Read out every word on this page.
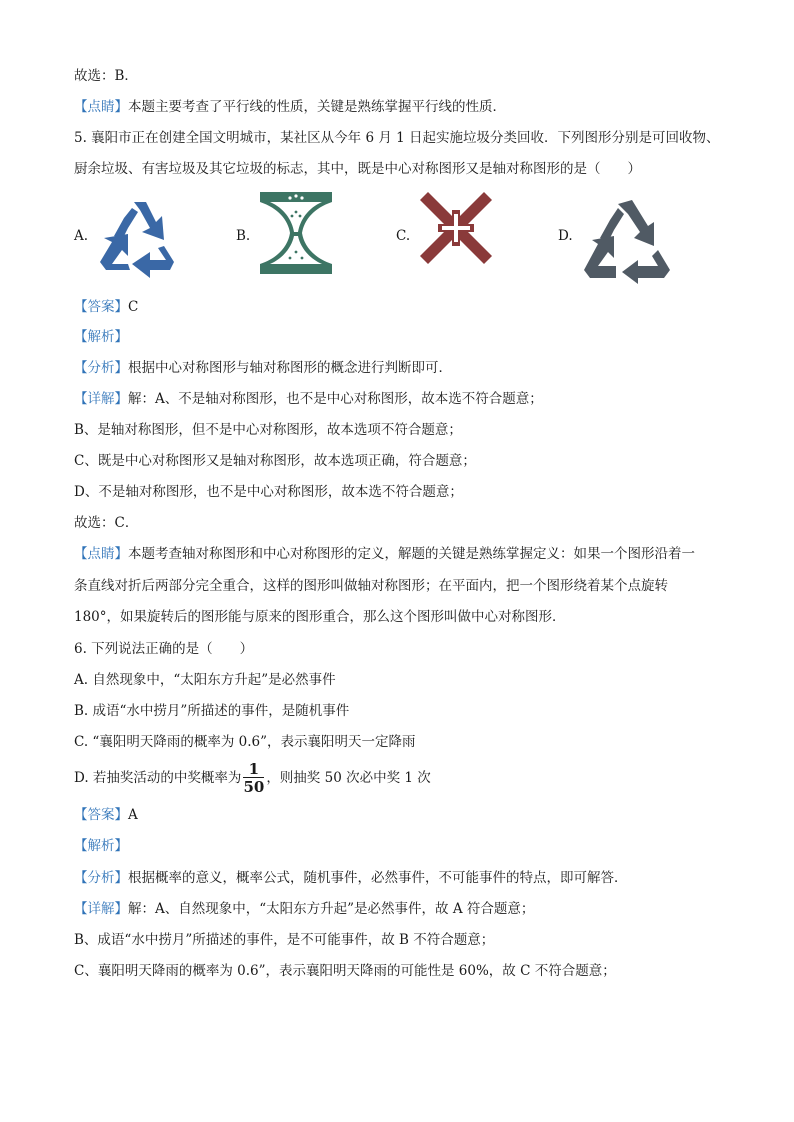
故选：B．
【点睛】本题主要考查了平行线的性质，关键是熟练掌握平行线的性质．
5. 襄阳市正在创建全国文明城市，某社区从今年 6 月 1 日起实施垃圾分类回收．下列图形分别是可回收物、
厨余垃圾、有害垃圾及其它垃圾的标志，其中，既是中心对称图形又是轴对称图形的是（　　）
A.	B.	C.	D.
【答案】C
【解析】
【分析】根据中心对称图形与轴对称图形的概念进行判断即可．
【详解】解：A、不是轴对称图形，也不是中心对称图形，故本选不符合题意；
B、是轴对称图形，但不是中心对称图形，故本选项不符合题意；
C、既是中心对称图形又是轴对称图形，故本选项正确，符合题意；
D、不是轴对称图形，也不是中心对称图形，故本选不符合题意；
故选：C．
【点睛】本题考查轴对称图形和中心对称图形的定义，解题的关键是熟练掌握定义：如果一个图形沿着一
条直线对折后两部分完全重合，这样的图形叫做轴对称图形；在平面内，把一个图形绕着某个点旋转
180°，如果旋转后的图形能与原来的图形重合，那么这个图形叫做中心对称图形．
6. 下列说法正确的是（　　）
A. 自然现象中，“太阳东方升起”是必然事件
B. 成语“水中捞月”所描述的事件，是随机事件
C. “襄阳明天降雨的概率为 0.6”，表示襄阳明天一定降雨
D. 若抽奖活动的中奖概率为 $\frac{1}{50}$ ，则抽奖 50 次必中奖 1 次
【答案】A
【解析】
【分析】根据概率的意义，概率公式，随机事件，必然事件，不可能事件的特点，即可解答．
【详解】解：A、自然现象中，“太阳东方升起”是必然事件，故 A 符合题意；
B、成语“水中捞月”所描述的事件，是不可能事件，故 B 不符合题意；
C、襄阳明天降雨的概率为 0.6”，表示襄阳明天降雨的可能性是 60%，故 C 不符合题意；
